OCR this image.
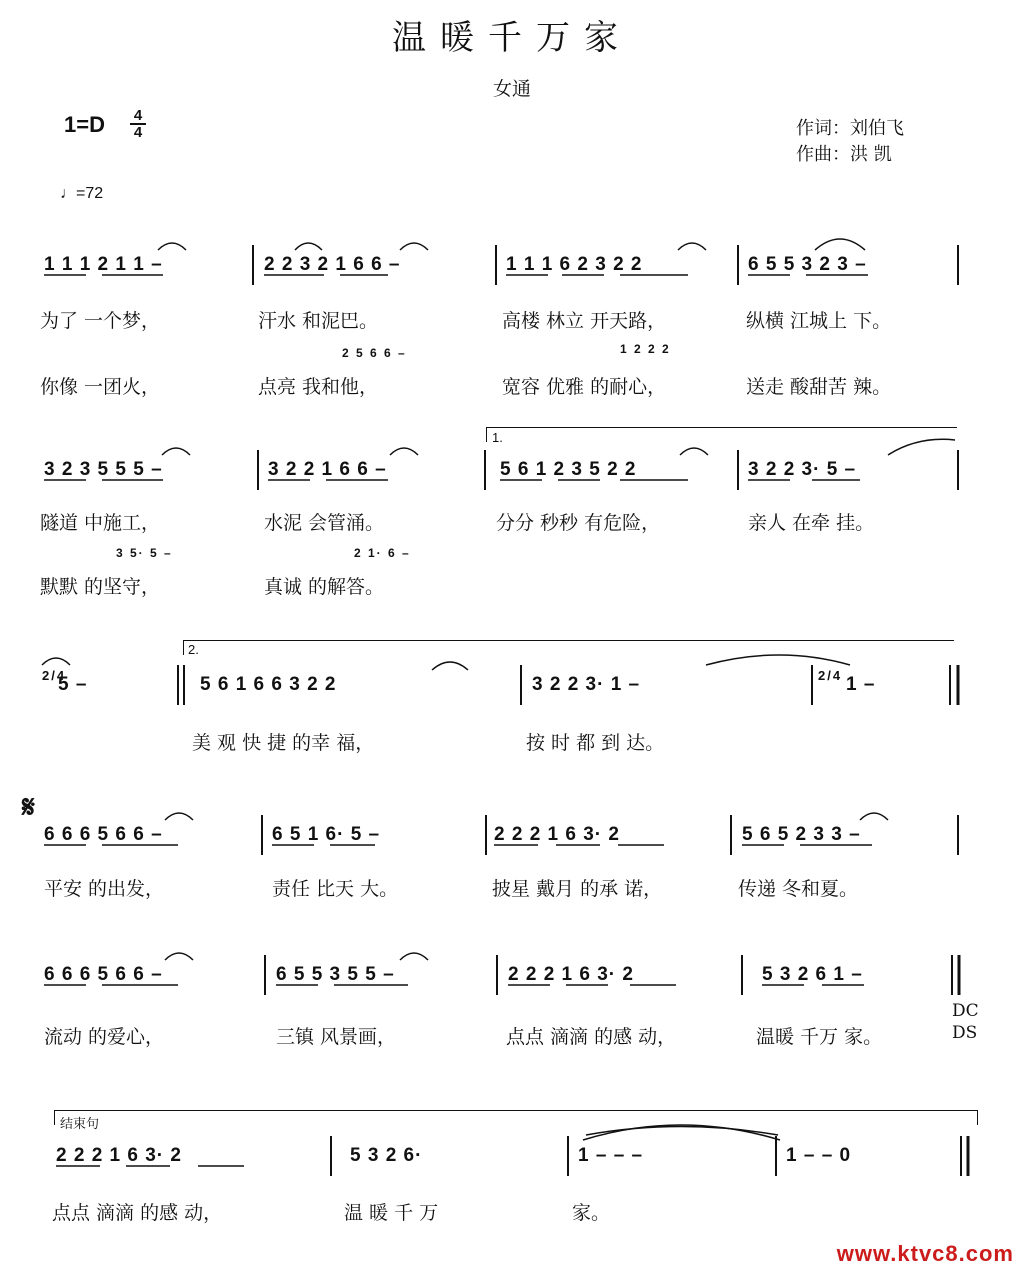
温暖千万家
女通
1=D 4
4	作词：刘伯飞
作曲：洪 凯
♩=72
1 1 1 2 1 1 –	2 2 3 2 1 6 6 –	1 1 1 6 2 3 2 2	6 5 5 3 2 3 –
为了 一个梦，	汗水 和泥巴。	高楼 林立 开天路，	纵横 江城上 下。
2 5 6 6 –	1 2 2 2
你像 一团火，	点亮 我和他，	宽容 优雅 的耐心，	送走 酸甜苦 辣。
1.
3 2 3 5 5 5 –	3 2 2 1 6 6 –	5 6 1 2 3 5 2 2	3 2 2 3· 5 –
隧道 中施工，	水泥 会管涌。	分分 秒秒 有危险，	亲人 在牵 挂。
3 5· 5 –	2 1· 6 –
默默 的坚守，	真诚 的解答。
2.
2/4
5 –	5 6 1 6 6 3 2 2	3 2 2 3· 1 –	2/4 1 –
美 观 快 捷 的幸 福，	按 时 都 到 达。
𝄋
6 6 6 5 6 6 –	6 5 1 6· 5 –	2 2 2 1 6 3· 2	5 6 5 2 3 3 –
平安 的出发，	责任 比天 大。	披星 戴月 的承 诺，	传递 冬和夏。
6 6 6 5 6 6 –	6 5 5 3 5 5 –	2 2 2 1 6 3· 2	5 3 2 6 1 –
流动 的爱心，	三镇 风景画，	点点 滴滴 的感 动，	温暖 千万 家。
DC
DS
结束句
2 2 2 1 6 3· 2	5 3 2 6·	1 – – –	1 – – 0
点点 滴滴 的感 动，	温 暖 千 万	家。
www.ktvc8.com
